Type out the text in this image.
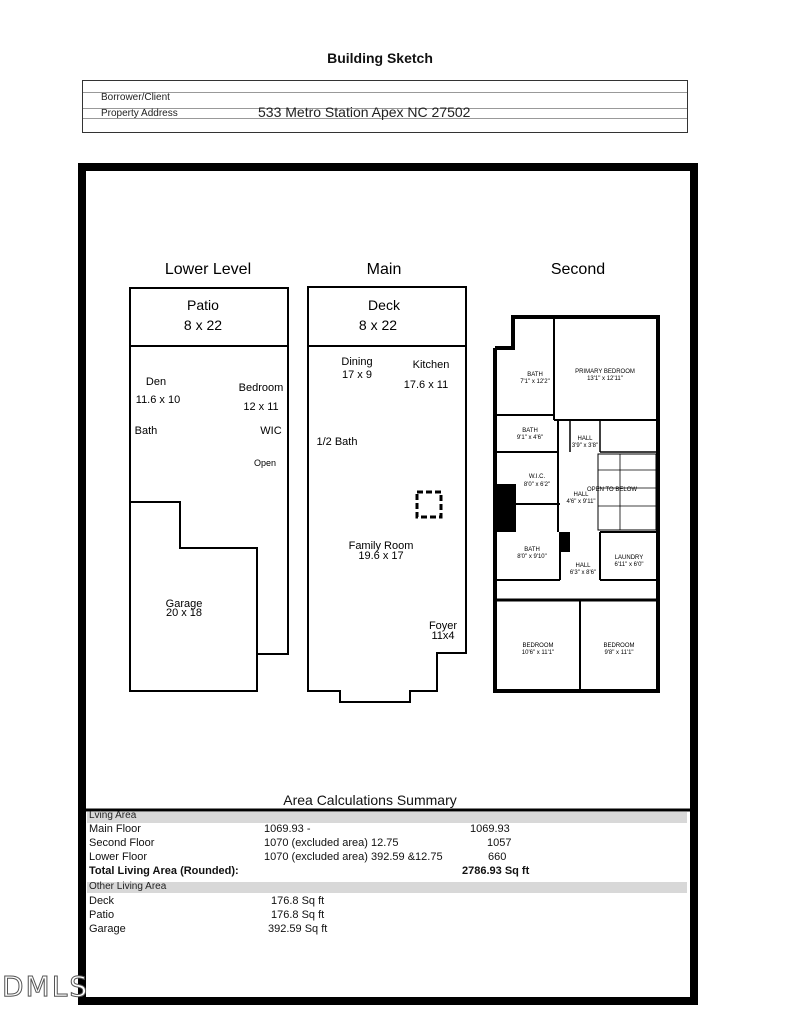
Building Sketch
Borrower/Client
Property Address	533 Metro Station Apex NC 27502
Lower Level	Main	Second
Patio
8 x 22
Den
11.6 x 10
Bedroom
12 x 11
Bath	WIC
Open
Garage
20 x 18
Deck
8 x 22
Dining
17 x 9
Kitchen
17.6 x 11
1/2 Bath
Family Room
19.6 x 17
Foyer
11x4
BATH
7'1" x 12'2"
PRIMARY BEDROOM
13'1" x 12'11"
BATH
9'1" x 4'6"	HALL
3'9" x 3'8"
W.I.C.
8'0" x 6'2"
HALL
4'6" x 9'11"
OPEN TO BELOW
BATH
8'0" x 9'10"	LAUNDRY
6'11" x 6'0"
HALL
6'3" x 8'6"
BEDROOM
10'6" x 11'1"
BEDROOM
9'8" x 11'1"
Area Calculations Summary
Lving Area
Main Floor	1069.93 -	1069.93
Second Floor	1070 (excluded area) 12.75	1057
Lower Floor	1070 (excluded area) 392.59 &12.75	660
Total Living Area (Rounded):	2786.93 Sq ft
Other Living Area
Deck	176.8 Sq ft
Patio	176.8 Sq ft
Garage	392.59 Sq ft
DMLS
